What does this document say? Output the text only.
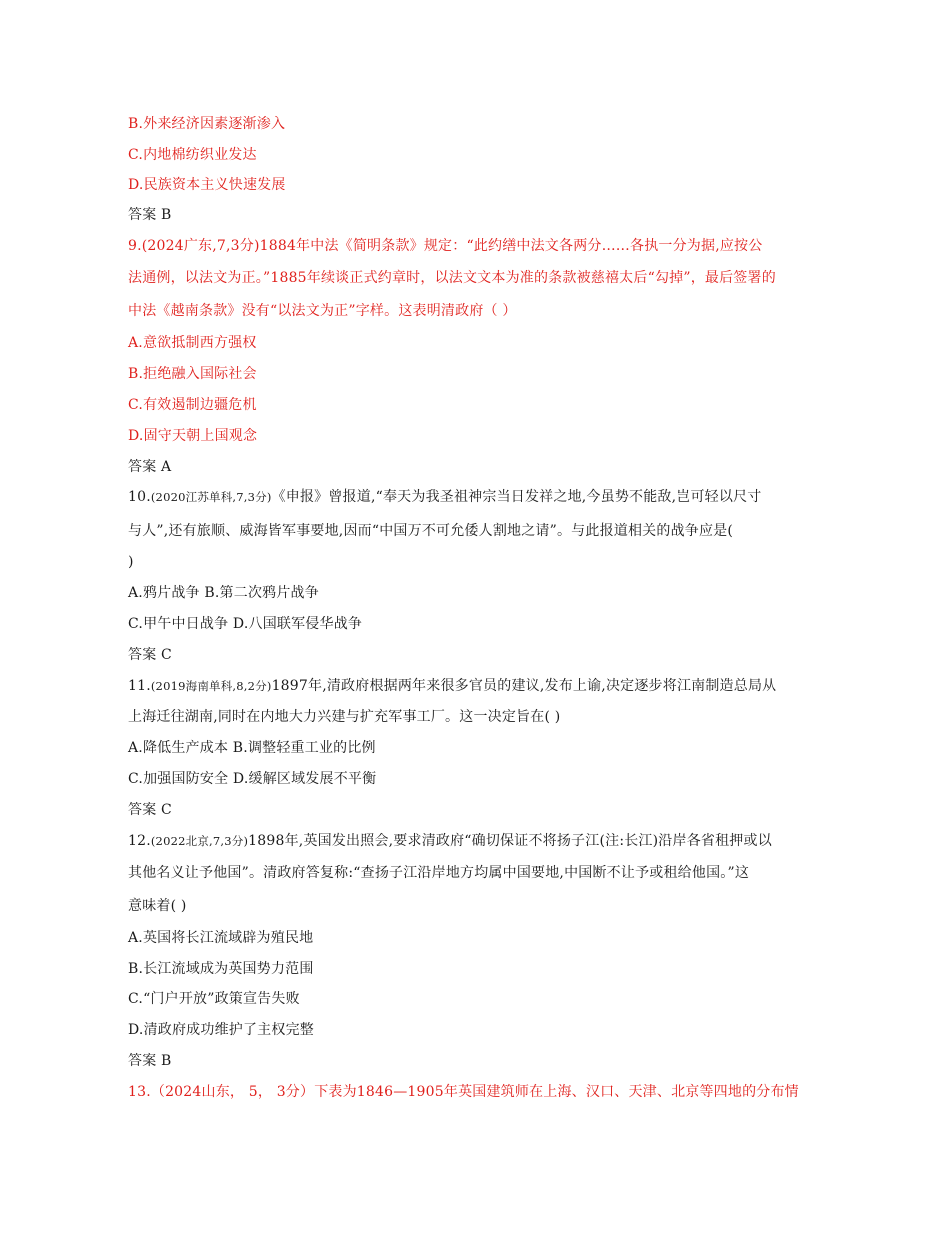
B.外来经济因素逐渐渗入
C.内地棉纺织业发达
D.民族资本主义快速发展
答案 B
9.(2024广东,7,3分)1884年中法《简明条款》规定：“此约缮中法文各两分……各执一分为据,应按公
法通例，以法文为正。”1885年续谈正式约章时，以法文文本为准的条款被慈禧太后“勾掉”，最后签署的
中法《越南条款》没有“以法文为正”字样。这表明清政府（ ）
A.意欲抵制西方强权
B.拒绝融入国际社会
C.有效遏制边疆危机
D.固守天朝上国观念
答案 A
10.(2020江苏单科,7,3分)《申报》曾报道,“奉天为我圣祖神宗当日发祥之地,今虽势不能敌,岂可轻以尺寸
与人”,还有旅顺、威海皆军事要地,因而“中国万不可允倭人割地之请”。与此报道相关的战争应是(
)
A.鸦片战争 B.第二次鸦片战争
C.甲午中日战争 D.八国联军侵华战争
答案 C
11.(2019海南单科,8,2分)1897年,清政府根据两年来很多官员的建议,发布上谕,决定逐步将江南制造总局从
上海迁往湖南,同时在内地大力兴建与扩充军事工厂。这一决定旨在( )
A.降低生产成本 B.调整轻重工业的比例
C.加强国防安全 D.缓解区域发展不平衡
答案 C
12.(2022北京,7,3分)1898年,英国发出照会,要求清政府“确切保证不将扬子江(注:长江)沿岸各省租押或以
其他名义让予他国”。清政府答复称:“查扬子江沿岸地方均属中国要地,中国断不让予或租给他国。”这
意味着( )
A.英国将长江流域辟为殖民地
B.长江流域成为英国势力范围
C.“门户开放”政策宣告失败
D.清政府成功维护了主权完整
答案 B
13.（2024山东， 5， 3分）下表为1846—1905年英国建筑师在上海、汉口、天津、北京等四地的分布情
